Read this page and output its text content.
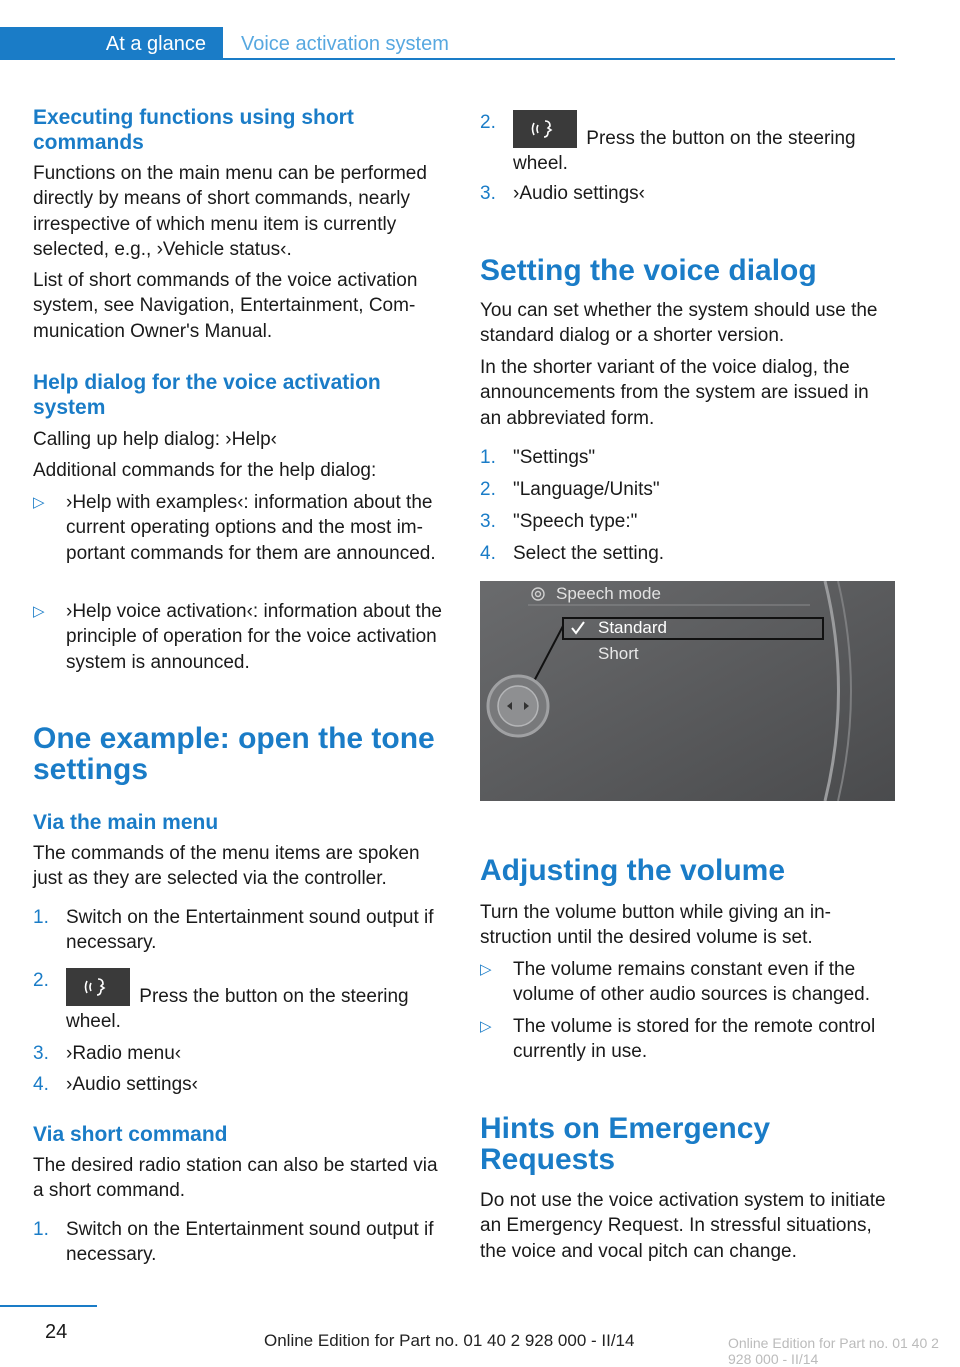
At a glance Voice activation system
Executing functions using short commands
Functions on the main menu can be performed directly by means of short commands, nearly irrespective of which menu item is currently selected, e.g., ›Vehicle status‹.
List of short commands of the voice activation system, see Navigation, Entertainment, Communication Owner's Manual.
Help dialog for the voice activation system
Calling up help dialog: ›Help‹
Additional commands for the help dialog:
▷ ›Help with examples‹: information about the current operating options and the most important commands for them are announced.
▷ ›Help voice activation‹: information about the principle of operation for the voice activation system is announced.
One example: open the tone settings
Via the main menu
The commands of the menu items are spoken just as they are selected via the controller.
1. Switch on the Entertainment sound output if necessary.
2.
Press the button on the steering wheel.
3. ›Radio menu‹
4. ›Audio settings‹
Via short command
The desired radio station can also be started via a short command.
1. Switch on the Entertainment sound output if necessary.
2.
Press the button on the steering wheel.
3. ›Audio settings‹
Setting the voice dialog
You can set whether the system should use the standard dialog or a shorter version.
In the shorter variant of the voice dialog, the announcements from the system are issued in an abbreviated form.
1. "Settings"
2. "Language/Units"
3. "Speech type:"
4. Select the setting.
Adjusting the volume
Turn the volume button while giving an instruction until the desired volume is set.
▷ The volume remains constant even if the volume of other audio sources is changed.
▷ The volume is stored for the remote control currently in use.
Hints on Emergency Requests
Do not use the voice activation system to initiate an Emergency Request. In stressful situations, the voice and vocal pitch can change.
Speech mode
Standard
Short
24	Online Edition for Part no. 01 40 2 928 000 - II/14	Online Edition for Part no. 01 40 2 928 000 - II/14
